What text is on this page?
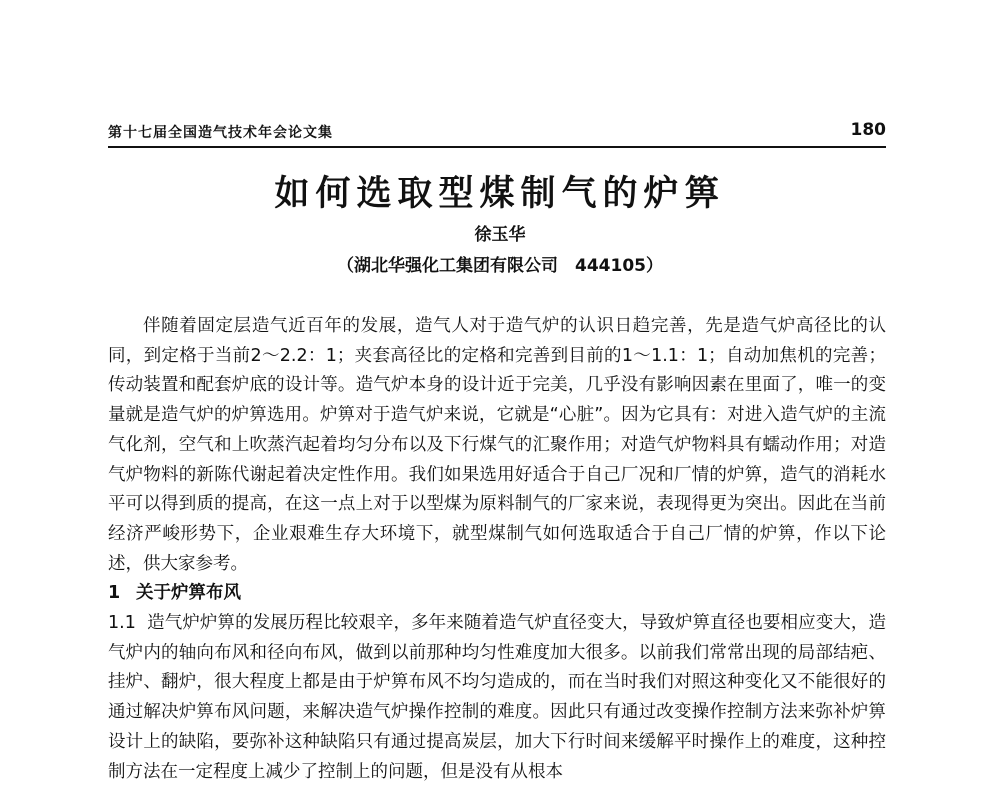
第十七届全国造气技术年会论文集	180
如何选取型煤制气的炉箅
徐玉华
（湖北华强化工集团有限公司　444105）

伴随着固定层造气近百年的发展，造气人对于造气炉的认识日趋完善，先是造气炉高径比的认同，到定格于当前2～2.2：1；夹套高径比的定格和完善到目前的1～1.1：1；自动加焦机的完善；传动装置和配套炉底的设计等。造气炉本身的设计近于完美，几乎没有影响因素在里面了，唯一的变量就是造气炉的炉箅选用。炉箅对于造气炉来说，它就是“心脏”。因为它具有：对进入造气炉的主流气化剂，空气和上吹蒸汽起着均匀分布以及下行煤气的汇聚作用；对造气炉物料具有蠕动作用；对造气炉物料的新陈代谢起着决定性作用。我们如果选用好适合于自己厂况和厂情的炉箅，造气的消耗水平可以得到质的提高，在这一点上对于以型煤为原料制气的厂家来说，表现得更为突出。因此在当前经济严峻形势下，企业艰难生存大环境下，就型煤制气如何选取适合于自己厂情的炉箅，作以下论述，供大家参考。

1 关于炉箅布风

1.1 造气炉炉箅的发展历程比较艰辛，多年来随着造气炉直径变大，导致炉箅直径也要相应变大，造气炉内的轴向布风和径向布风，做到以前那种均匀性难度加大很多。以前我们常常出现的局部结疤、挂炉、翻炉，很大程度上都是由于炉箅布风不均匀造成的，而在当时我们对照这种变化又不能很好的通过解决炉箅布风问题，来解决造气炉操作控制的难度。因此只有通过改变操作控制方法来弥补炉箅设计上的缺陷，要弥补这种缺陷只有通过提高炭层，加大下行时间来缓解平时操作上的难度，这种控制方法在一定程度上减少了控制上的问题，但是没有从根本
